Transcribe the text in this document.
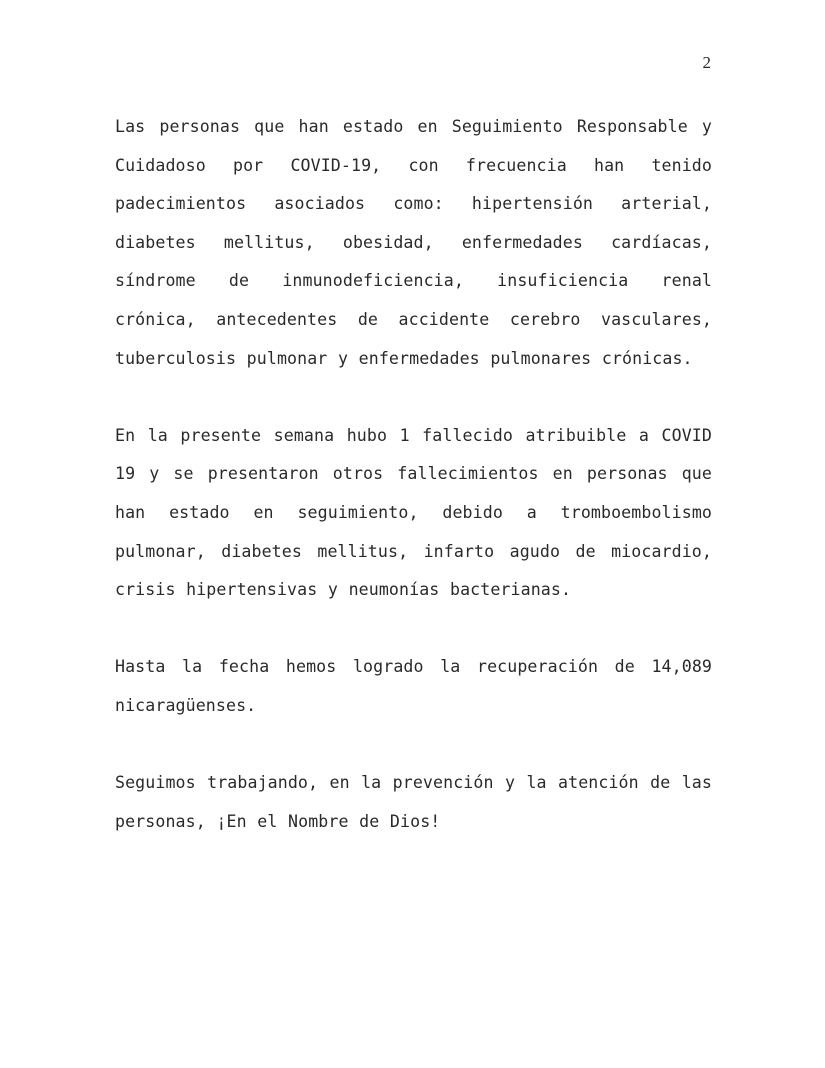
2

Las personas que han estado en Seguimiento Responsable y Cuidadoso por COVID-19, con frecuencia han tenido padecimientos asociados como: hipertensión arterial, diabetes mellitus, obesidad, enfermedades cardíacas, síndrome de inmunodeficiencia, insuficiencia renal crónica, antecedentes de accidente cerebro vasculares, tuberculosis pulmonar y enfermedades pulmonares crónicas.

En la presente semana hubo 1 fallecido atribuible a COVID 19 y se presentaron otros fallecimientos en personas que han estado en seguimiento, debido a tromboembolismo pulmonar, diabetes mellitus, infarto agudo de miocardio, crisis hipertensivas y neumonías bacterianas.

Hasta la fecha hemos logrado la recuperación de 14,089 nicaragüenses.

Seguimos trabajando, en la prevención y la atención de las personas, ¡En el Nombre de Dios!
